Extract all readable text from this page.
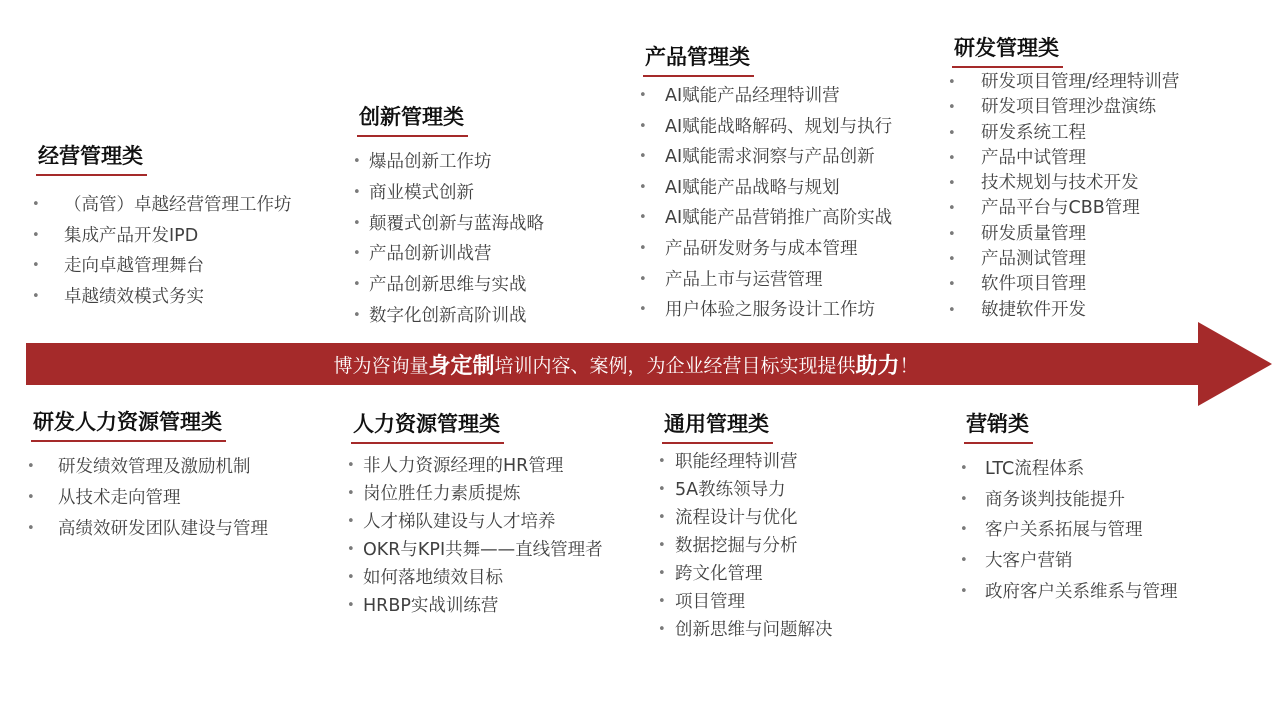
经营管理类
• （高管）卓越经营管理工作坊
• 集成产品开发IPD
• 走向卓越管理舞台
• 卓越绩效模式务实
创新管理类
• 爆品创新工作坊
• 商业模式创新
• 颠覆式创新与蓝海战略
• 产品创新训战营
• 产品创新思维与实战
• 数字化创新高阶训战
产品管理类
• AI赋能产品经理特训营
• AI赋能战略解码、规划与执行
• AI赋能需求洞察与产品创新
• AI赋能产品战略与规划
• AI赋能产品营销推广高阶实战
• 产品研发财务与成本管理
• 产品上市与运营管理
• 用户体验之服务设计工作坊
研发管理类
• 研发项目管理/经理特训营
• 研发项目管理沙盘演练
• 研发系统工程
• 产品中试管理
• 技术规划与技术开发
• 产品平台与CBB管理
• 研发质量管理
• 产品测试管理
• 软件项目管理
• 敏捷软件开发
博为咨询量 身定制 培训内容、案例，为企业经营目标实现提供 助力 ！
研发人力资源管理类
• 研发绩效管理及激励机制
• 从技术走向管理
• 高绩效研发团队建设与管理
人力资源管理类
• 非人力资源经理的HR管理
• 岗位胜任力素质提炼
• 人才梯队建设与人才培养
• OKR与KPI共舞——直线管理者
• 如何落地绩效目标
• HRBP实战训练营
通用管理类
• 职能经理特训营
• 5A教练领导力
• 流程设计与优化
• 数据挖掘与分析
• 跨文化管理
• 项目管理
• 创新思维与问题解决
营销类
• LTC流程体系
• 商务谈判技能提升
• 客户关系拓展与管理
• 大客户营销
• 政府客户关系维系与管理
